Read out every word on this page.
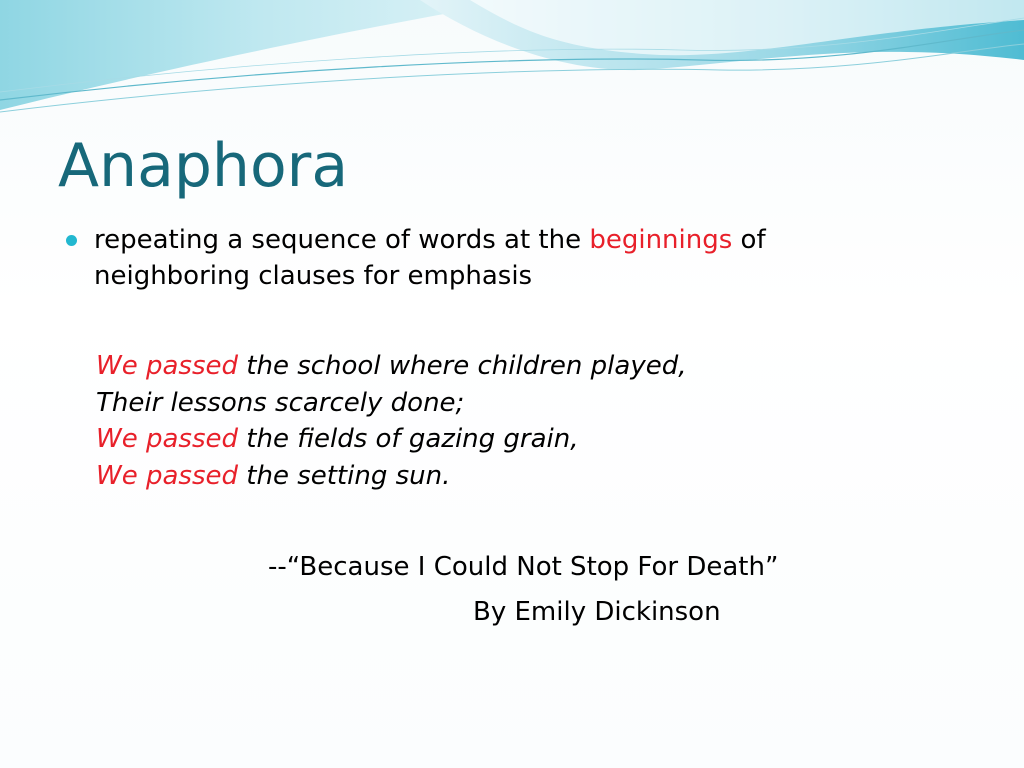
Anaphora
repeating a sequence of words at the beginnings of
neighboring clauses for emphasis
We passed the school where children played,
Their lessons scarcely done;
We passed the fields of gazing grain,
We passed the setting sun.
--“Because I Could Not Stop For Death”
By Emily Dickinson
